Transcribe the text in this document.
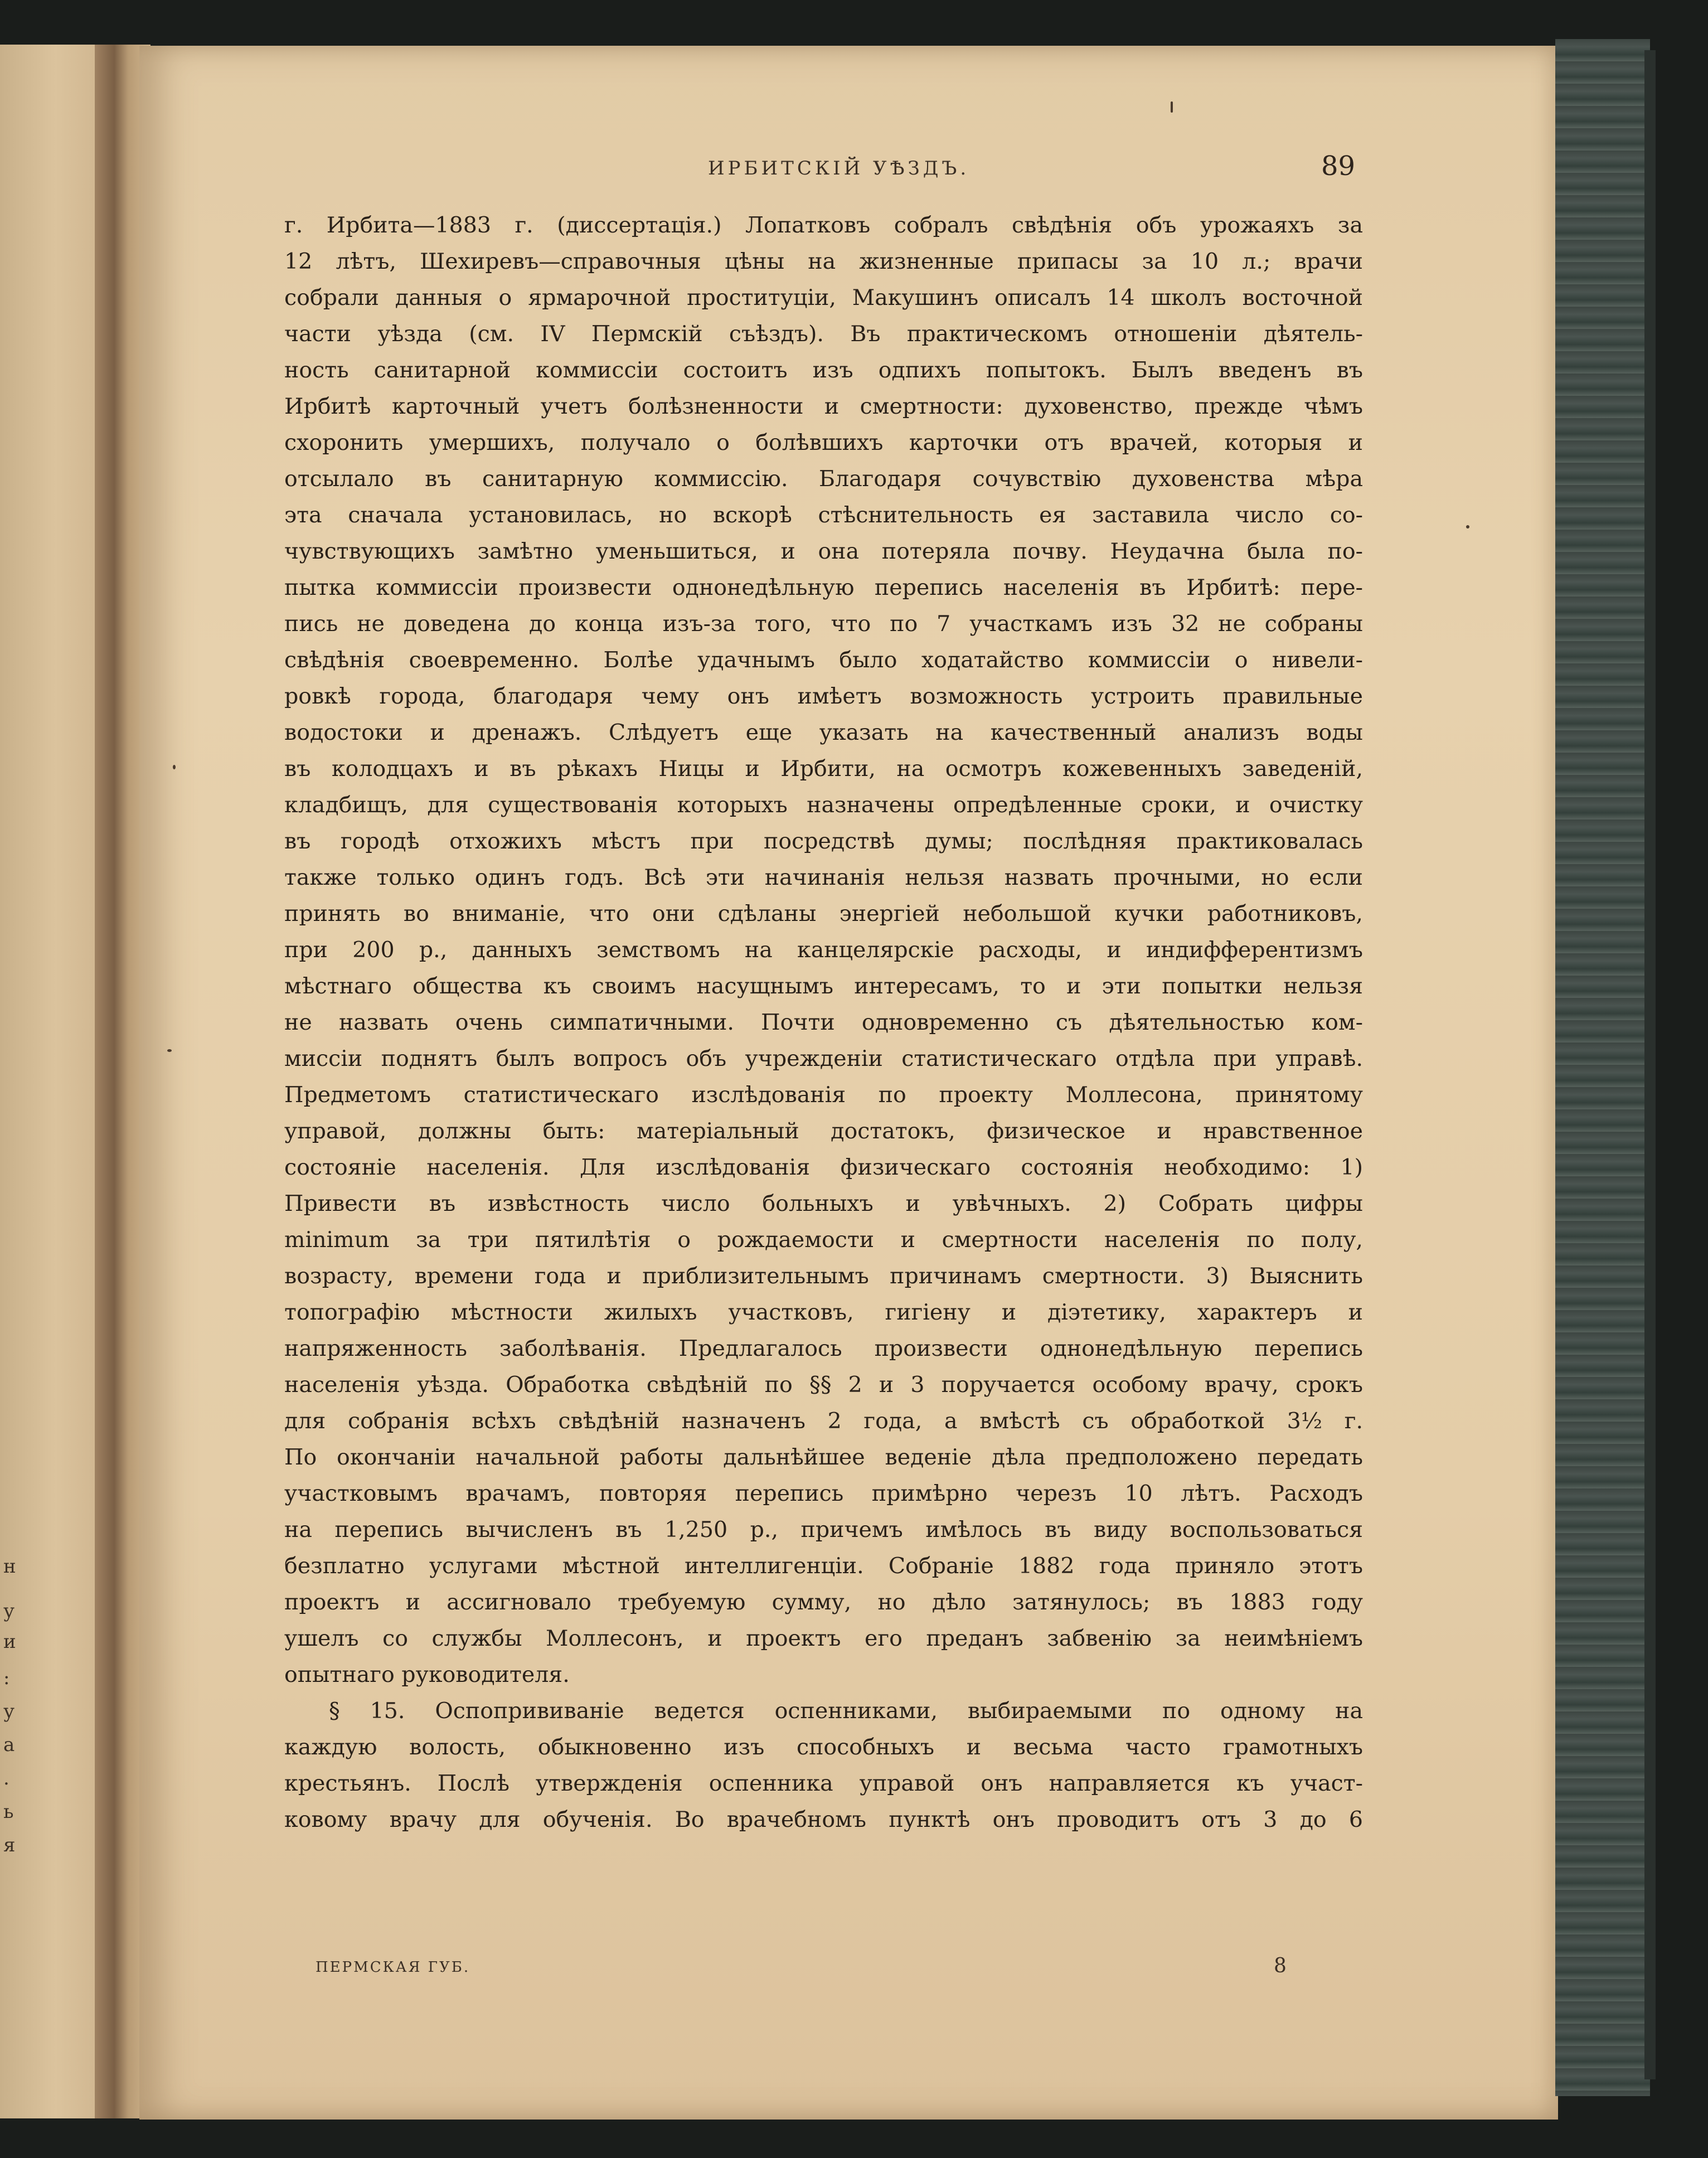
н
у
и
:
у
а
.
ь
я
ИРБИТСКІЙ УѢЗДЪ.	89
г. Ирбита—1883 г. (диссертація.) Лопатковъ собралъ свѣдѣнія объ урожаяхъ за
12 лѣтъ, Шехиревъ—справочныя цѣны на жизненные припасы за 10 л.; врачи
собрали данныя о ярмарочной проституціи, Макушинъ описалъ 14 школъ восточной
части уѣзда (см. IV Пермскій съѣздъ). Въ практическомъ отношеніи дѣятель-
ность санитарной коммиссіи состоитъ изъ одпихъ попытокъ. Былъ введенъ въ
Ирбитѣ карточный учетъ болѣзненности и смертности: духовенство, прежде чѣмъ
схоронить умершихъ, получало о болѣвшихъ карточки отъ врачей, которыя и
отсылало въ санитарную коммиссію. Благодаря сочувствію духовенства мѣра
эта сначала установилась, но вскорѣ стѣснительность ея заставила число со-
чувствующихъ замѣтно уменьшиться, и она потеряла почву. Неудачна была по-
пытка коммиссіи произвести однонедѣльную перепись населенія въ Ирбитѣ: пере-
пись не доведена до конца изъ-за того, что по 7 участкамъ изъ 32 не собраны
свѣдѣнія своевременно. Болѣе удачнымъ было ходатайство коммиссіи о нивели-
ровкѣ города, благодаря чему онъ имѣетъ возможность устроить правильные
водостоки и дренажъ. Слѣдуетъ еще указать на качественный анализъ воды
въ колодцахъ и въ рѣкахъ Ницы и Ирбити, на осмотръ кожевенныхъ заведеній,
кладбищъ, для существованія которыхъ назначены опредѣленные сроки, и очистку
въ городѣ отхожихъ мѣстъ при посредствѣ думы; послѣдняя практиковалась
также только одинъ годъ. Всѣ эти начинанія нельзя назвать прочными, но если
принять во вниманіе, что они сдѣланы энергіей небольшой кучки работниковъ,
при 200 р., данныхъ земствомъ на канцелярскіе расходы, и индифферентизмъ
мѣстнаго общества къ своимъ насущнымъ интересамъ, то и эти попытки нельзя
не назвать очень симпатичными. Почти одновременно съ дѣятельностью ком-
миссіи поднятъ былъ вопросъ объ учрежденіи статистическаго отдѣла при управѣ.
Предметомъ статистическаго изслѣдованія по проекту Моллесона, принятому
управой, должны быть: матеріальный достатокъ, физическое и нравственное
состояніе населенія. Для изслѣдованія физическаго состоянія необходимо: 1)
Привести въ извѣстность число больныхъ и увѣчныхъ. 2) Собрать цифры
minimum за три пятилѣтія о рождаемости и смертности населенія по полу,
возрасту, времени года и приблизительнымъ причинамъ смертности. 3) Выяснить
топографію мѣстности жилыхъ участковъ, гигіену и діэтетику, характеръ и
напряженность заболѣванія. Предлагалось произвести однонедѣльную перепись
населенія уѣзда. Обработка свѣдѣній по §§ 2 и 3 поручается особому врачу, срокъ
для собранія всѣхъ свѣдѣній назначенъ 2 года, а вмѣстѣ съ обработкой 3½ г.
По окончаніи начальной работы дальнѣйшее веденіе дѣла предположено передать
участковымъ врачамъ, повторяя перепись примѣрно черезъ 10 лѣтъ. Расходъ
на перепись вычисленъ въ 1,250 р., причемъ имѣлось въ виду воспользоваться
безплатно услугами мѣстной интеллигенціи. Собраніе 1882 года приняло этотъ
проектъ и ассигновало требуемую сумму, но дѣло затянулось; въ 1883 году
ушелъ со службы Моллесонъ, и проектъ его преданъ забвенію за неимѣніемъ
опытнаго руководителя.
§ 15. Оспопрививаніе ведется оспенниками, выбираемыми по одному на
каждую волость, обыкновенно изъ способныхъ и весьма часто грамотныхъ
крестьянъ. Послѣ утвержденія оспенника управой онъ направляется къ участ-
ковому врачу для обученія. Во врачебномъ пунктѣ онъ проводитъ отъ 3 до 6
ПЕРМСКАЯ ГУБ.	8
